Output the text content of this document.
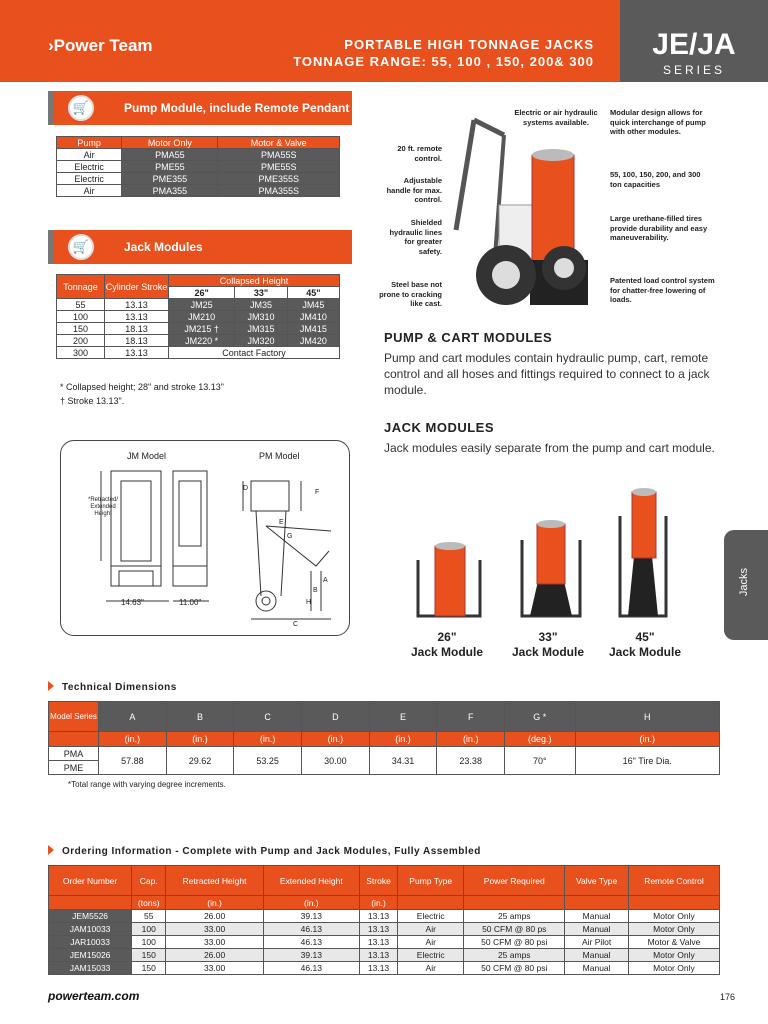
›Power Team	PORTABLE HIGH TONNAGE JACKS
TONNAGE RANGE: 55, 100 , 150, 200& 300
JE/JA
SERIES
🛒	Pump Module, include Remote Pendant
Pump	Motor Only	Motor & Valve
Air	PMA55	PMA55S
Electric	PME55	PME55S
Electric	PME355	PME355S
Air	PMA355	PMA355S
🛒	Jack Modules
Tonnage	Cylinder Stroke	Collapsed Height		
		26"	33"	45"
55	13.13	JM25	JM35	JM45
100	13.13	JM210	JM310	JM410
150	18.13	JM215 †	JM315	JM415
200	18.13	JM220 *	JM320	JM420
300	13.13	Contact Factory		
* Collapsed height; 28" and stroke 13.13"
† Stroke 13.13".
JM Model	PM Model
*Retracted/ Extended Height
14.63"	11.00"
D
F
E
G
A
B
H
C
Electric or air hydraulic systems available.
Modular design allows for quick interchange of pump with other modules.
20 ft. remote control.
Adjustable handle for max. control.
55, 100, 150, 200, and 300 ton capacities
Shielded hydraulic lines for greater safety.
Large urethane-filled tires provide durability and easy maneuverability.
Steel base not prone to cracking like cast.
Patented load control system for chatter-free lowering of loads.
PUMP & CART MODULES
Pump and cart modules contain hydraulic pump, cart, remote control and all hoses and fittings required to connect to a jack module.
JACK MODULES
Jack modules easily separate from the pump and cart module.
26"
Jack Module
33"
Jack Module
45"
Jack Module
Jacks
Technical Dimensions
Model Series	A	B	C	D	E	F	G *	H
	(in.)	(in.)	(in.)	(in.)	(in.)	(in.)	(deg.)	(in.)
PMA	57.88	29.62	53.25	30.00	34.31	23.38	70°	16" Tire Dia.
PME								
*Total range with varying degree increments.
Ordering Information - Complete with Pump and Jack Modules, Fully Assembled
Order Number	Cap.	Retracted Height	Extended Height	Stroke	Pump Type	Power Required	Valve Type	Remote Control
	(tons)	(in.)	(in.)	(in.)				
JEM5526	55	26.00	39.13	13.13	Electric	25 amps	Manual	Motor Only
JAM10033	100	33.00	46.13	13.13	Air	50 CFM @ 80 ps	Manual	Motor Only
JAR10033	100	33.00	46.13	13.13	Air	50 CFM @ 80 psi	Air Pilot	Motor & Valve
JEM15026	150	26.00	39.13	13.13	Electric	25 amps	Manual	Motor Only
JAM15033	150	33.00	46.13	13.13	Air	50 CFM @ 80 psi	Manual	Motor Only
powerteam.com	176
